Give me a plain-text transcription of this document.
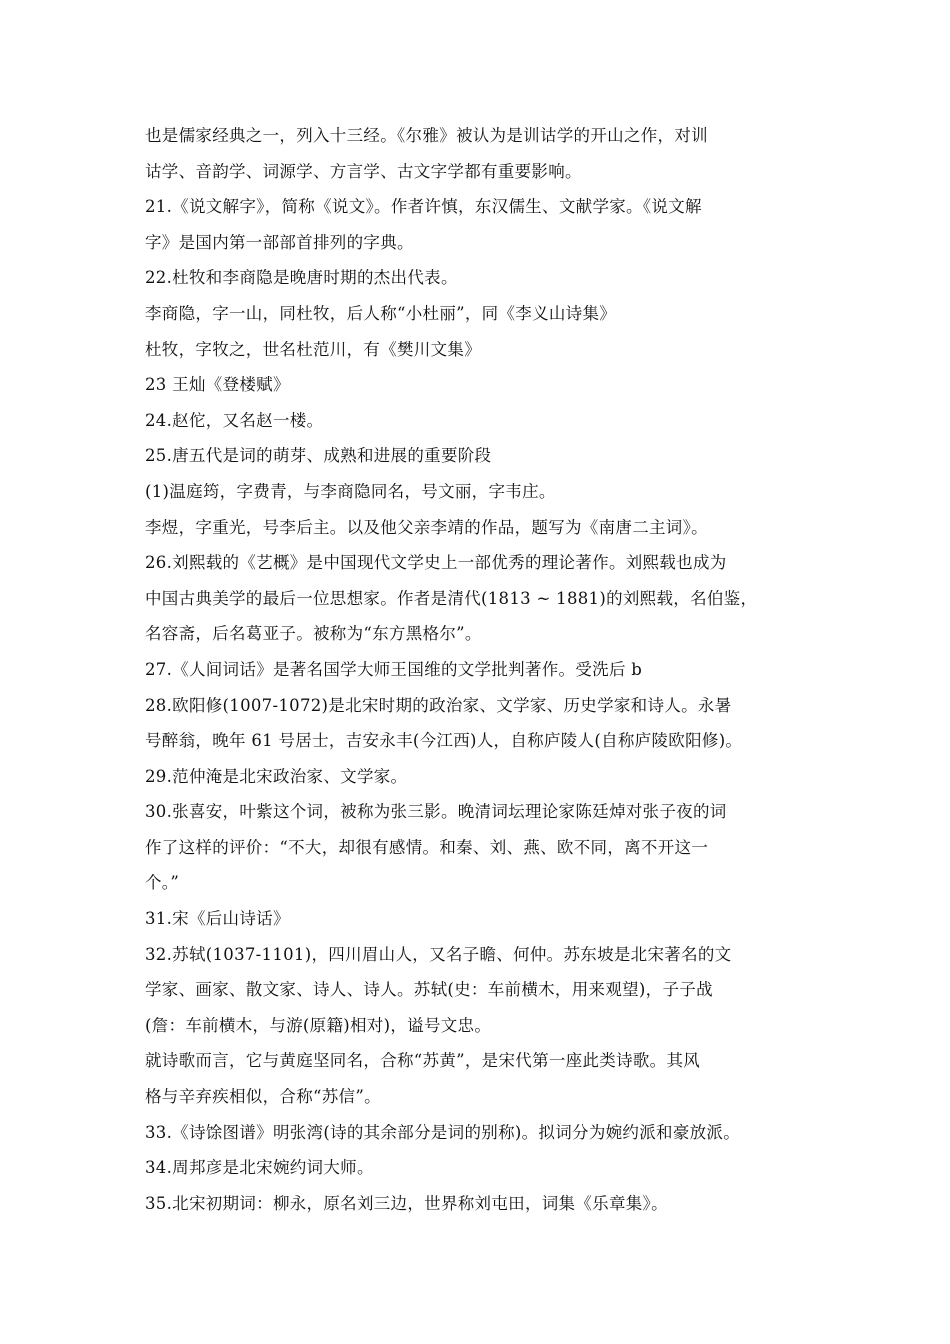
也是儒家经典之一，列入十三经。《尔雅》被认为是训诂学的开山之作，对训
诂学、音韵学、词源学、方言学、古文字学都有重要影响。
21.《说文解字》，简称《说文》。作者许慎，东汉儒生、文献学家。《说文解
字》是国内第一部部首排列的字典。
22.杜牧和李商隐是晚唐时期的杰出代表。
李商隐，字一山，同杜牧，后人称“小杜丽”，同《李义山诗集》
杜牧，字牧之，世名杜范川，有《樊川文集》
23 王灿《登楼赋》
24.赵佗，又名赵一楼。
25.唐五代是词的萌芽、成熟和进展的重要阶段
(1)温庭筠，字费青，与李商隐同名，号文丽，字韦庄。
李煜，字重光，号李后主。以及他父亲李靖的作品，题写为《南唐二主词》。
26.刘熙载的《艺概》是中国现代文学史上一部优秀的理论著作。刘熙载也成为
中国古典美学的最后一位思想家。作者是清代(1813 ~ 1881)的刘熙载，名伯鉴，
名容斋，后名葛亚子。被称为“东方黑格尔”。
27.《人间词话》是著名国学大师王国维的文学批判著作。受洗后 b
28.欧阳修(1007-1072)是北宋时期的政治家、文学家、历史学家和诗人。永暑
号醉翁，晚年 61 号居士，吉安永丰(今江西)人，自称庐陵人(自称庐陵欧阳修)。
29.范仲淹是北宋政治家、文学家。
30.张喜安，叶紫这个词，被称为张三影。晚清词坛理论家陈廷焯对张子夜的词
作了这样的评价：“不大，却很有感情。和秦、刘、燕、欧不同，离不开这一
个。”
31.宋《后山诗话》
32.苏轼(1037-1101)，四川眉山人，又名子瞻、何仲。苏东坡是北宋著名的文
学家、画家、散文家、诗人、诗人。苏轼(史：车前横木，用来观望)，子子战
(詹：车前横木，与游(原籍)相对)，谥号文忠。
就诗歌而言，它与黄庭坚同名，合称“苏黄”，是宋代第一座此类诗歌。其风
格与辛弃疾相似，合称“苏信”。
33.《诗馀图谱》明张湾(诗的其余部分是词的别称)。拟词分为婉约派和豪放派。
34.周邦彦是北宋婉约词大师。
35.北宋初期词：柳永，原名刘三边，世界称刘屯田，词集《乐章集》。
